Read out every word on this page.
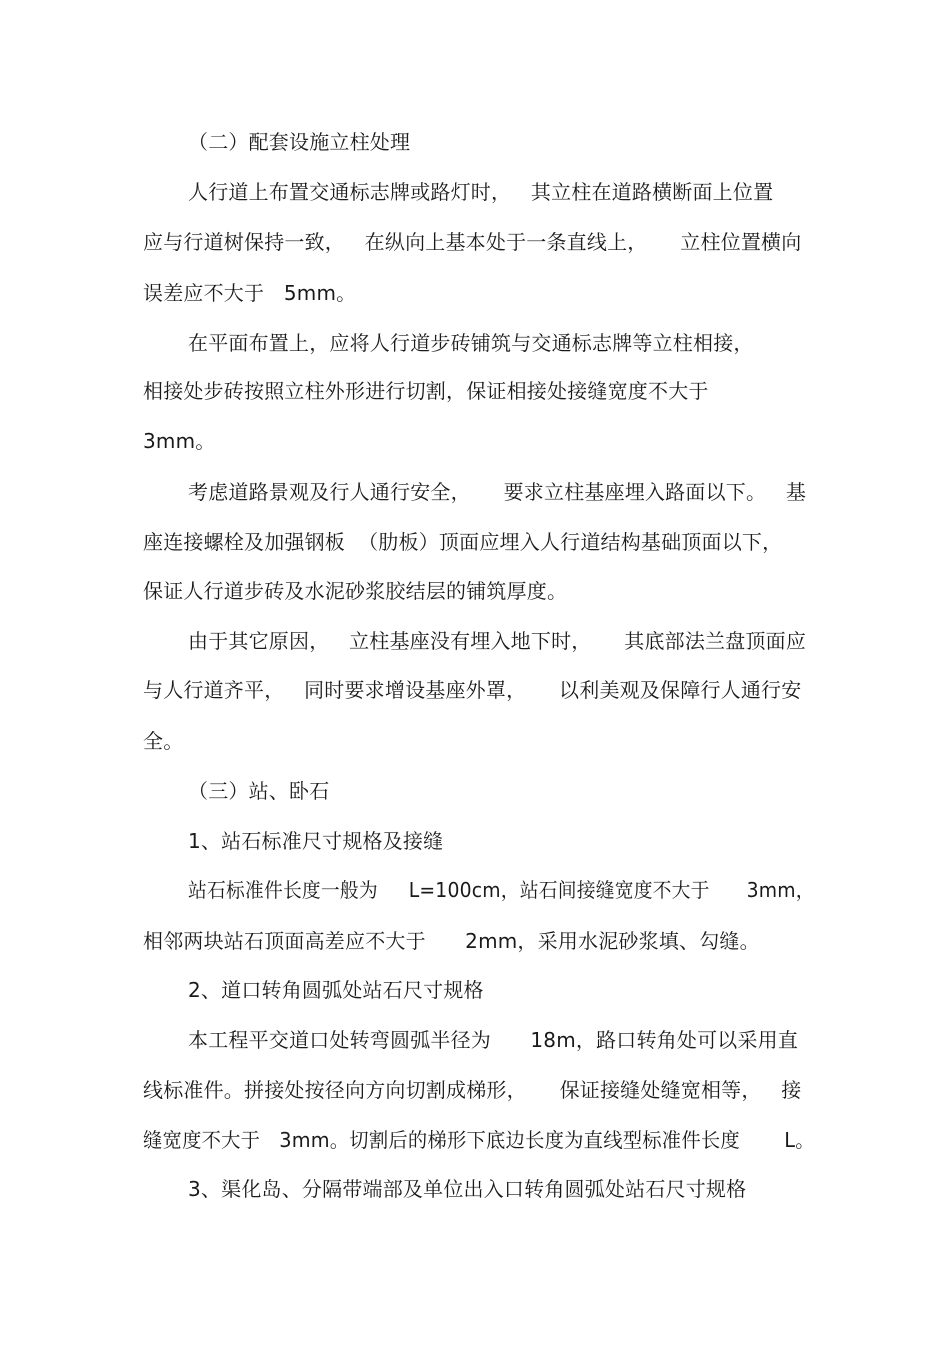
（二）配套设施立柱处理
人行道上布置交通标志牌或路灯时，   其立柱在道路横断面上位置
应与行道树保持一致，   在纵向上基本处于一条直线上，     立柱位置横向
误差应不大于   5mm。
在平面布置上，应将人行道步砖铺筑与交通标志牌等立柱相接，
相接处步砖按照立柱外形进行切割，保证相接处接缝宽度不大于
3mm。
考虑道路景观及行人通行安全，     要求立柱基座埋入路面以下。   基
座连接螺栓及加强钢板  （肋板）顶面应埋入人行道结构基础顶面以下，
保证人行道步砖及水泥砂浆胶结层的铺筑厚度。
由于其它原因，   立柱基座没有埋入地下时，     其底部法兰盘顶面应
与人行道齐平，   同时要求增设基座外罩，     以利美观及保障行人通行安
全。
（三）站、卧石
1、站石标准尺寸规格及接缝
站石标准件长度一般为     L=100cm，站石间接缝宽度不大于      3mm，
相邻两块站石顶面高差应不大于      2mm，采用水泥砂浆填、勾缝。
2、道口转角圆弧处站石尺寸规格
本工程平交道口处转弯圆弧半径为      18m，路口转角处可以采用直
线标准件。拼接处按径向方向切割成梯形，     保证接缝处缝宽相等，   接
缝宽度不大于   3mm。切割后的梯形下底边长度为直线型标准件长度       L。
3、渠化岛、分隔带端部及单位出入口转角圆弧处站石尺寸规格
